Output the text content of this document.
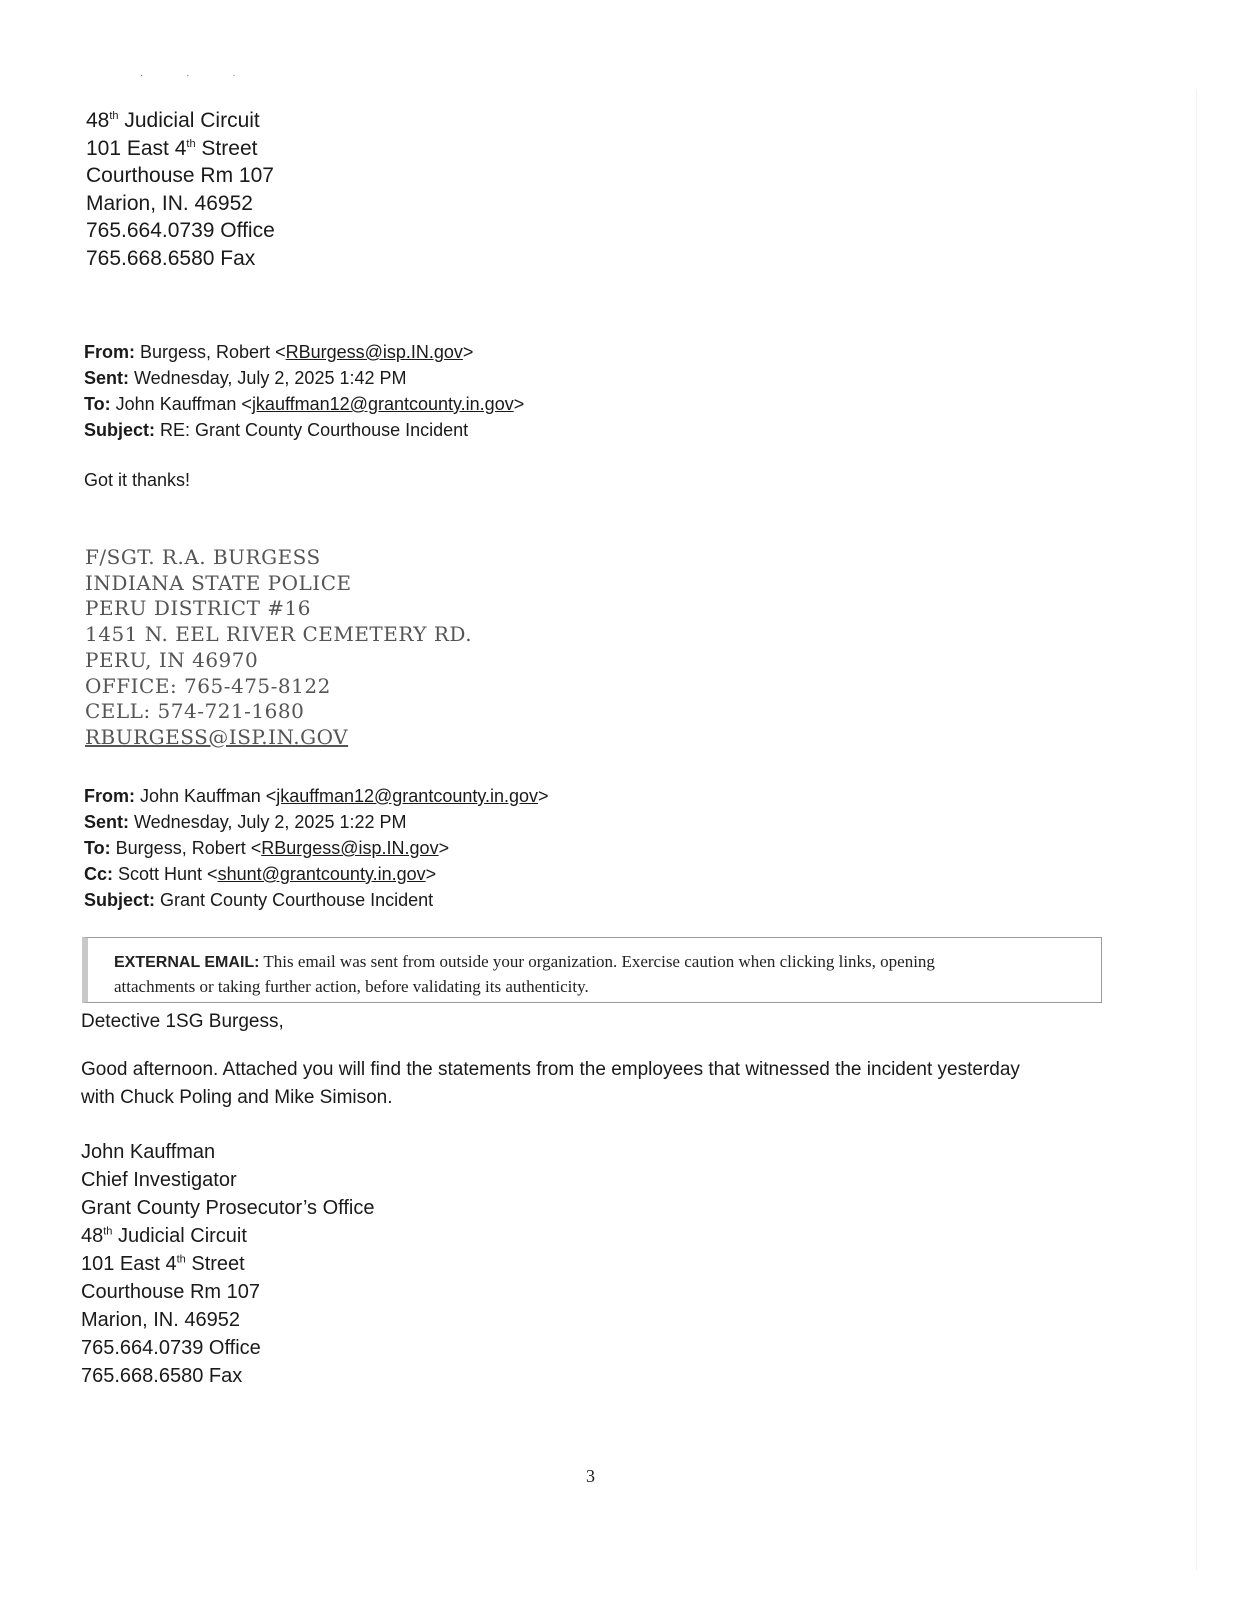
· · ·
48th Judicial Circuit
101 East 4th Street
Courthouse Rm 107
Marion, IN. 46952
765.664.0739 Office
765.668.6580 Fax
From: Burgess, Robert <RBurgess@isp.IN.gov>
Sent: Wednesday, July 2, 2025 1:42 PM
To: John Kauffman <jkauffman12@grantcounty.in.gov>
Subject: RE: Grant County Courthouse Incident
Got it thanks!
F/SGT. R.A. BURGESS
INDIANA STATE POLICE
PERU DISTRICT #16
1451 N. EEL RIVER CEMETERY RD.
PERU, IN 46970
OFFICE: 765-475-8122
CELL: 574-721-1680
RBURGESS@ISP.IN.GOV
From: John Kauffman <jkauffman12@grantcounty.in.gov>
Sent: Wednesday, July 2, 2025 1:22 PM
To: Burgess, Robert <RBurgess@isp.IN.gov>
Cc: Scott Hunt <shunt@grantcounty.in.gov>
Subject: Grant County Courthouse Incident
EXTERNAL EMAIL: This email was sent from outside your organization. Exercise caution when clicking links, opening
attachments or taking further action, before validating its authenticity.
Detective 1SG Burgess,
Good afternoon. Attached you will find the statements from the employees that witnessed the incident yesterday
with Chuck Poling and Mike Simison.
John Kauffman
Chief Investigator
Grant County Prosecutor’s Office
48th Judicial Circuit
101 East 4th Street
Courthouse Rm 107
Marion, IN. 46952
765.664.0739 Office
765.668.6580 Fax
3
